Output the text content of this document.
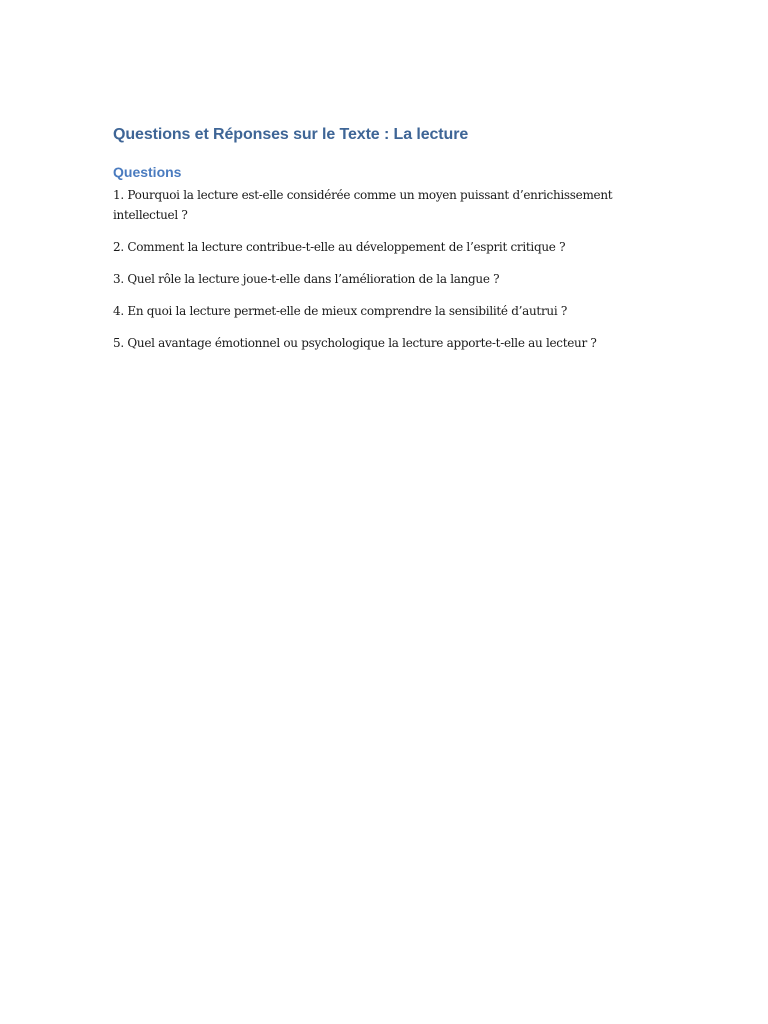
Questions et Réponses sur le Texte : La lecture
Questions
1. Pourquoi la lecture est-elle considérée comme un moyen puissant d’enrichissement intellectuel ?
2. Comment la lecture contribue-t-elle au développement de l’esprit critique ?
3. Quel rôle la lecture joue-t-elle dans l’amélioration de la langue ?
4. En quoi la lecture permet-elle de mieux comprendre la sensibilité d’autrui ?
5. Quel avantage émotionnel ou psychologique la lecture apporte-t-elle au lecteur ?
